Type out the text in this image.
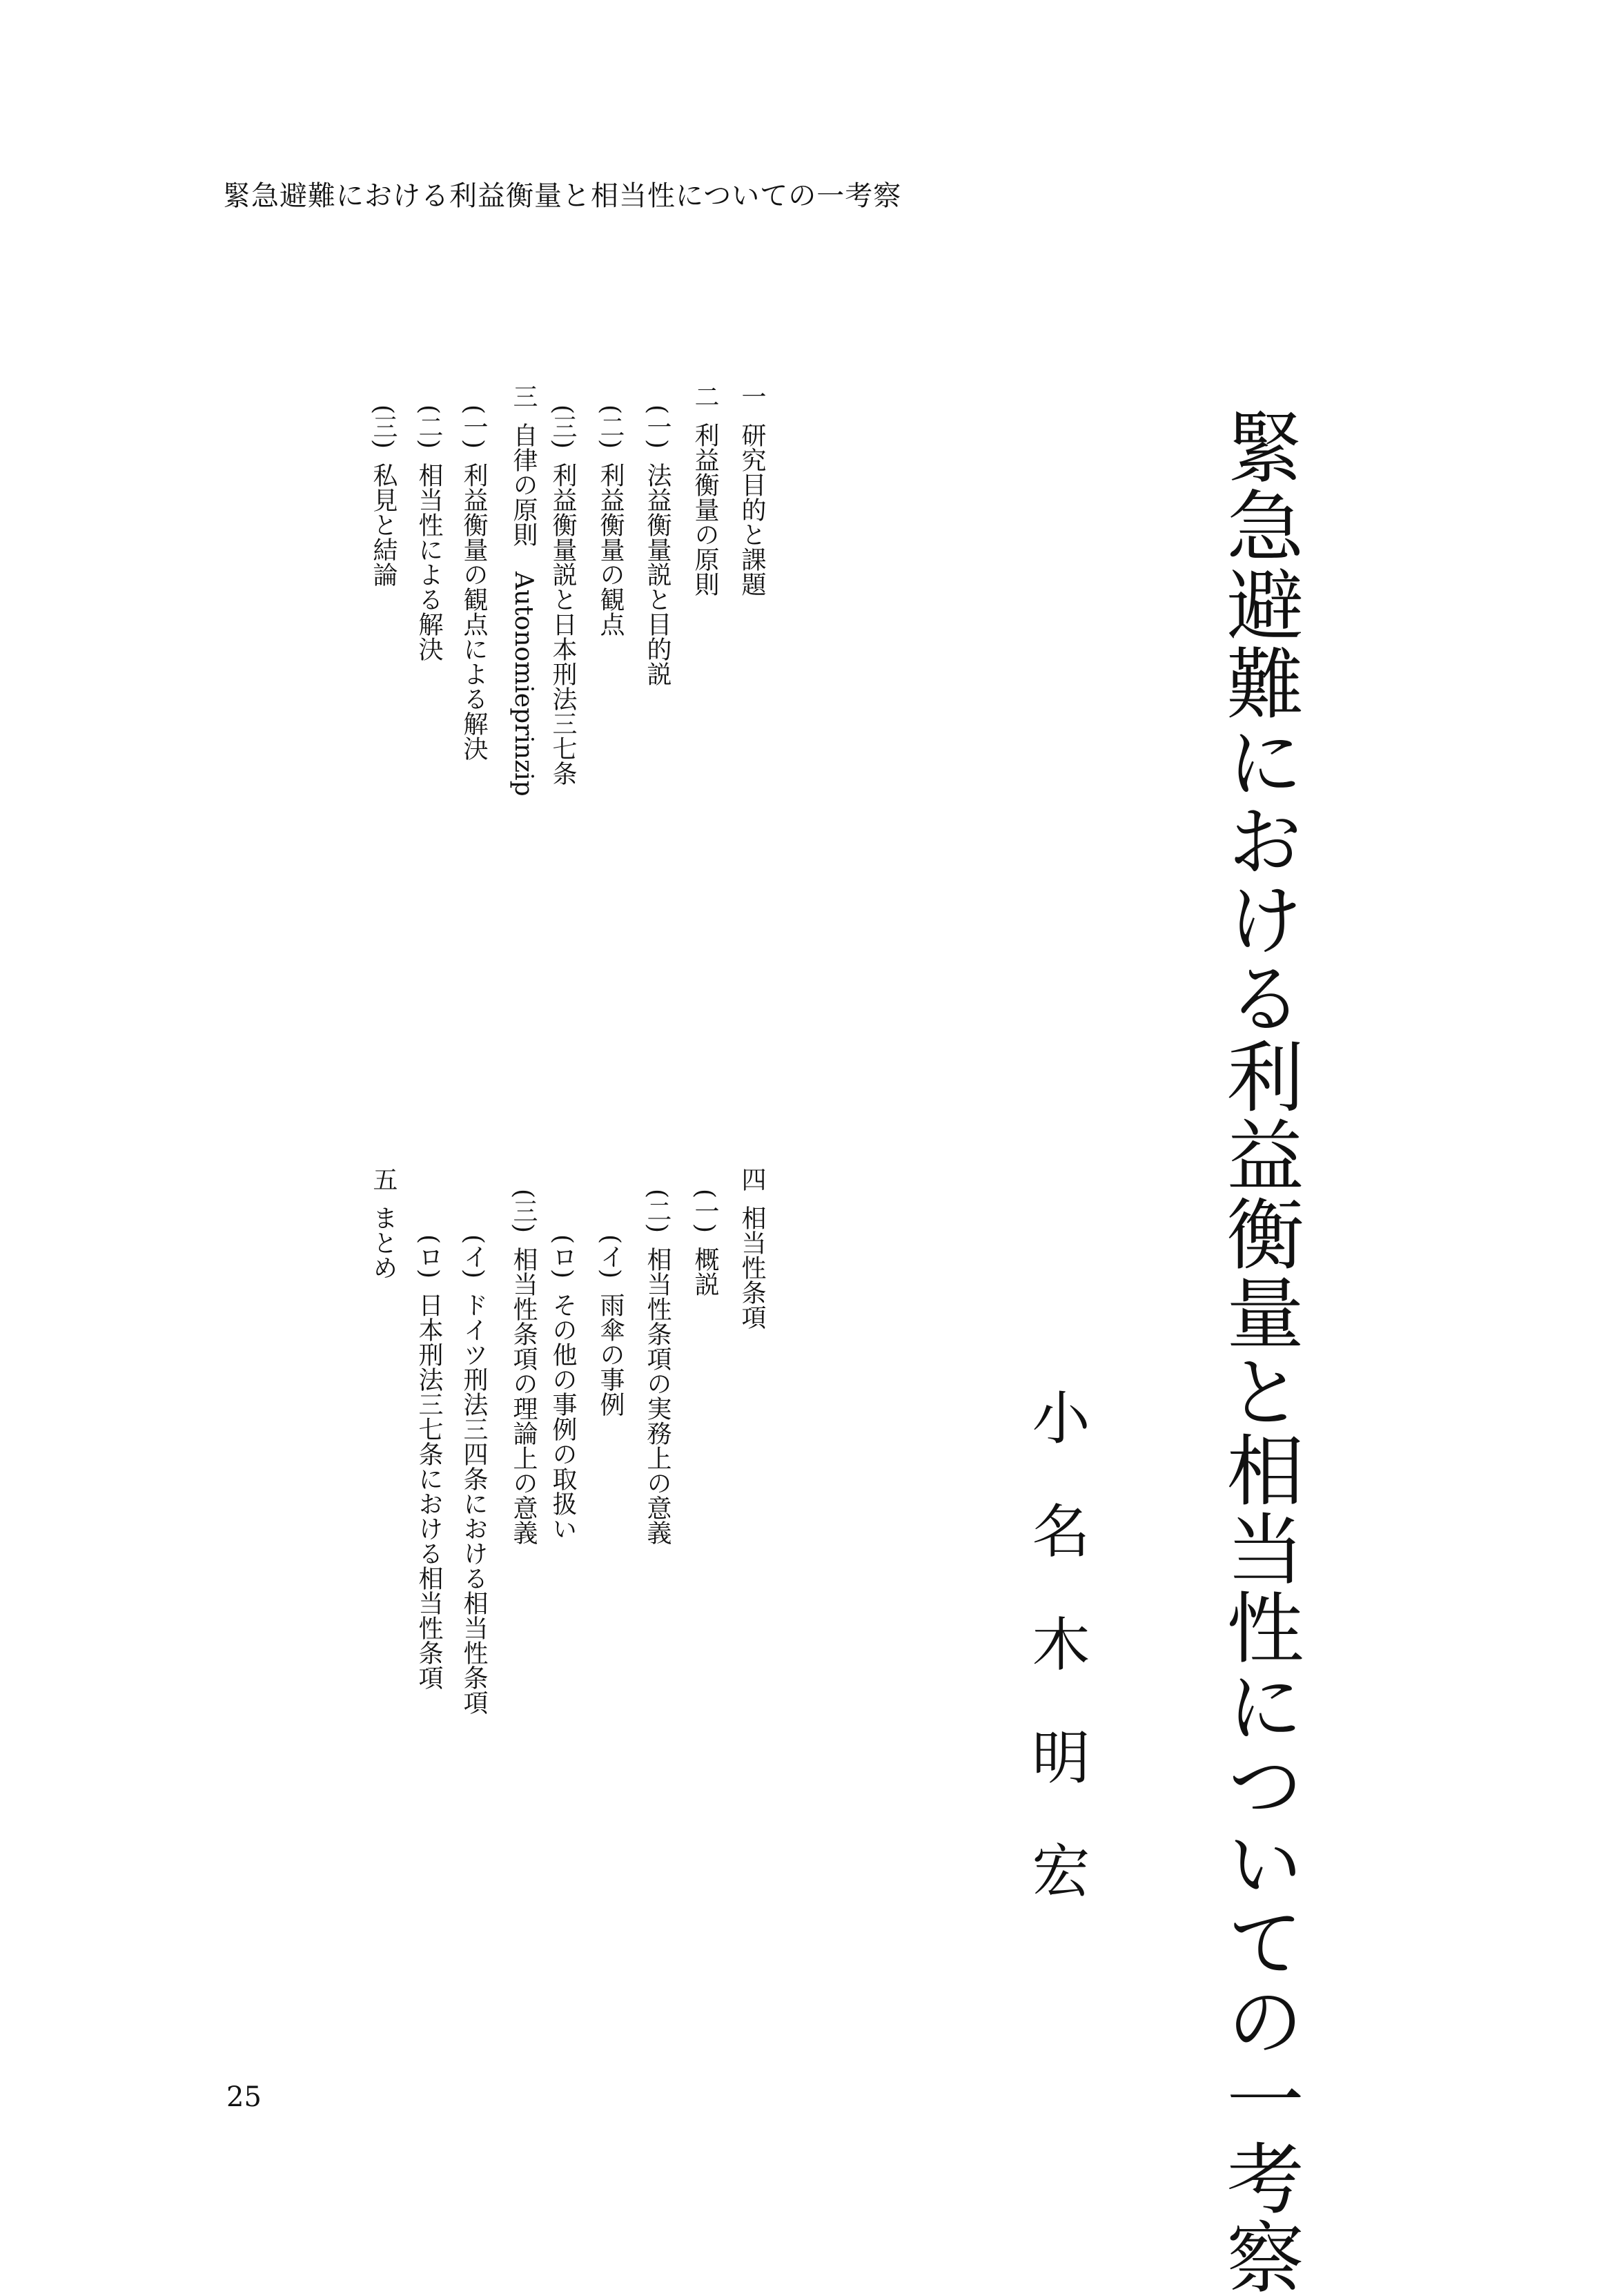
緊急避難における利益衡量と相当性についての一考察
緊急避難における利益衡量と相当性についての一考察
小名木明宏
一研究目的と課題
二利益衡量の原則
(一)法益衡量説と目的説
(二)利益衡量の観点
(三)利益衡量説と日本刑法三七条
三自律の原則　Autonomieprinzip
(一)利益衡量の観点による解決
(二)相当性による解決
(三)私見と結論
四相当性条項
(一)概説
(二)相当性条項の実務上の意義
(イ)雨傘の事例
(ロ)その他の事例の取扱い
(三)相当性条項の理論上の意義
(イ)ドイツ刑法三四条における相当性条項
(ロ)日本刑法三七条における相当性条項
五まとめ
25
